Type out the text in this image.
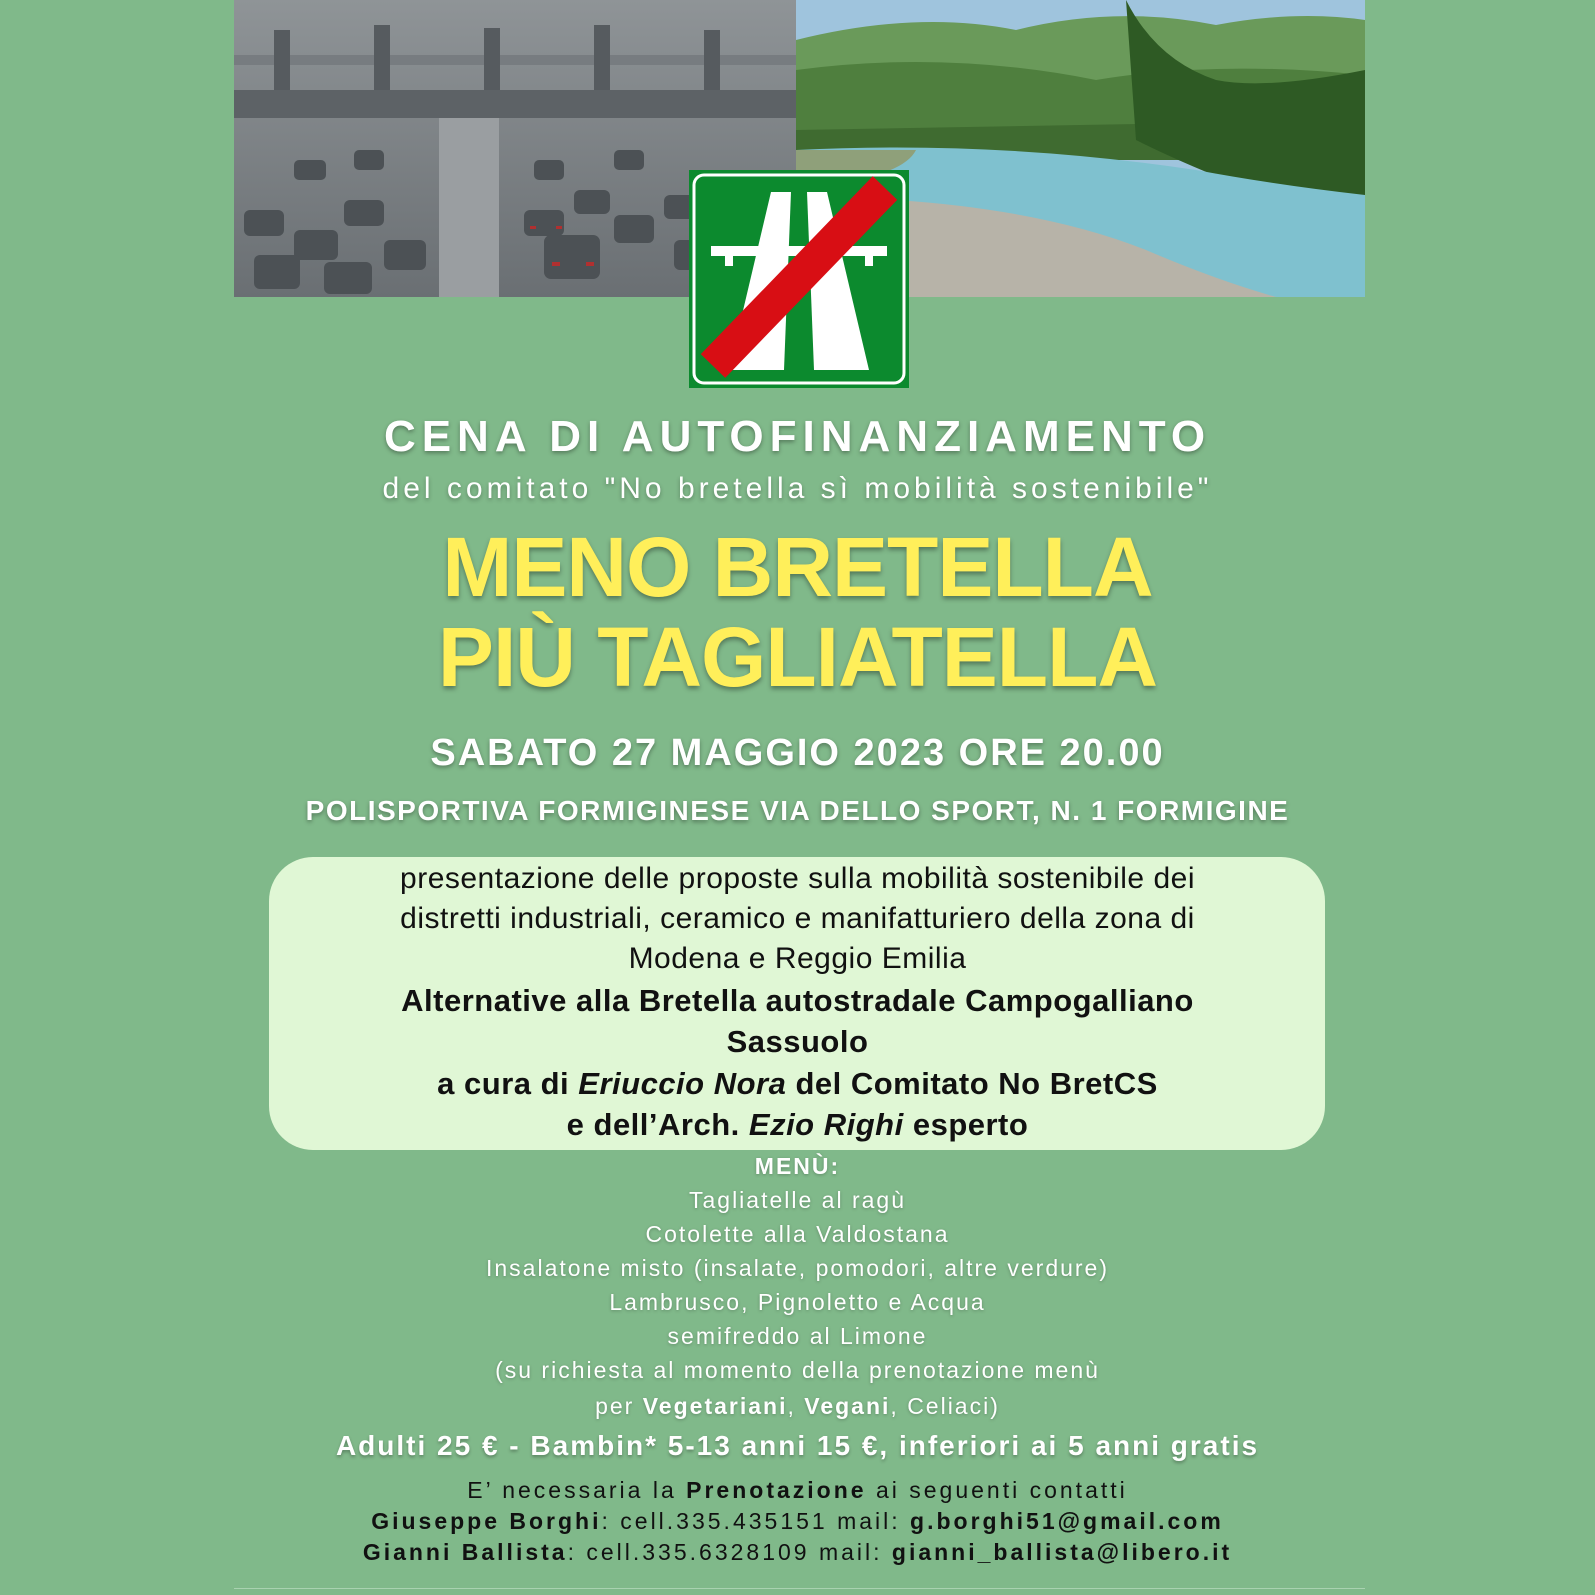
CENA DI AUTOFINANZIAMENTO
del comitato "No bretella sì mobilità sostenibile"
MENO BRETELLA
PIÙ TAGLIATELLA
SABATO 27 MAGGIO 2023 ORE 20.00
POLISPORTIVA FORMIGINESE VIA DELLO SPORT, N. 1 FORMIGINE
presentazione delle proposte sulla mobilità sostenibile dei
distretti industriali, ceramico e manifatturiero della zona di
Modena e Reggio Emilia
Alternative alla Bretella autostradale Campogalliano
Sassuolo
a cura di Eriuccio Nora del Comitato No BretCS
e dell’Arch. Ezio Righi esperto
MENÙ:
Tagliatelle al ragù
Cotolette alla Valdostana
Insalatone misto (insalate, pomodori, altre verdure)
Lambrusco, Pignoletto e Acqua
semifreddo al Limone
(su richiesta al momento della prenotazione menù
per Vegetariani, Vegani, Celiaci)
Adulti 25 € - Bambin* 5-13 anni 15 €, inferiori ai 5 anni gratis
E’ necessaria la Prenotazione ai seguenti contatti
Giuseppe Borghi: cell.335.435151 mail: g.borghi51@gmail.com
Gianni Ballista: cell.335.6328109 mail: gianni_ballista@libero.it
